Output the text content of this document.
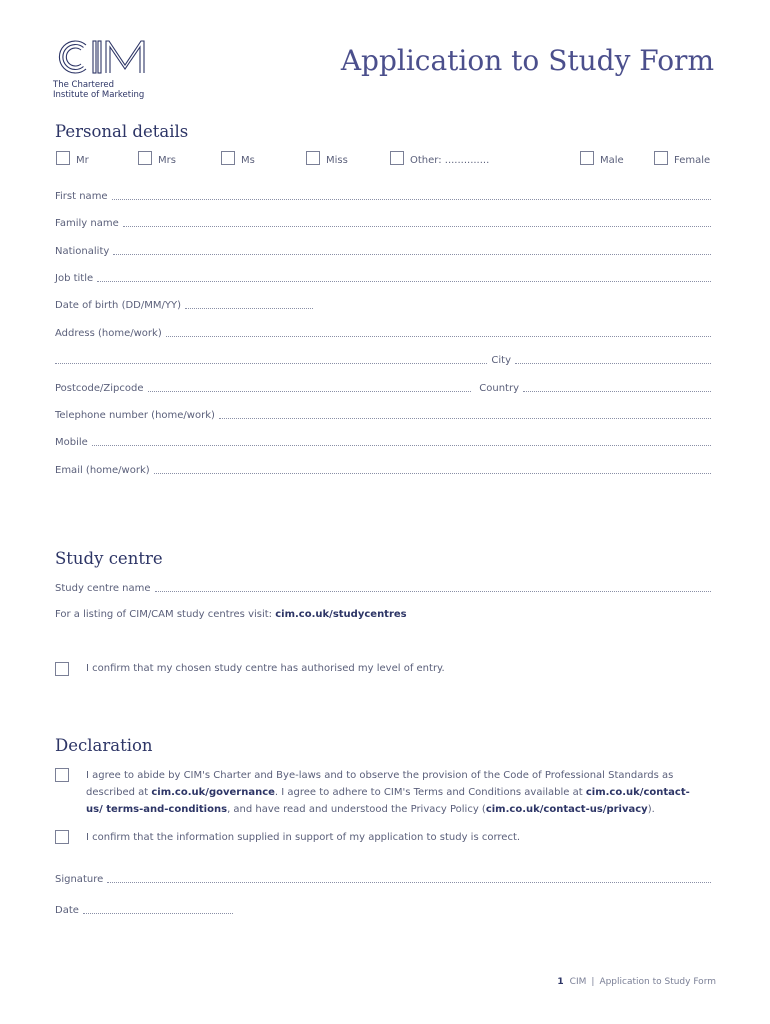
The Chartered
Institute of Marketing
Application to Study Form
Personal details
Mr	Mrs	Ms	Miss	Other: ..............	Male	Female
First name
Family name
Nationality
Job title
Date of birth (DD/MM/YY)
Address (home/work)
City
Postcode/Zipcode	Country
Telephone number (home/work)
Mobile
Email (home/work)
Study centre
Study centre name
For a listing of CIM/CAM study centres visit: cim.co.uk/studycentres
I confirm that my chosen study centre has authorised my level of entry.
Declaration
I agree to abide by CIM's Charter and Bye-laws and to observe the provision of the Code of Professional Standards as described at cim.co.uk/governance. I agree to adhere to CIM's Terms and Conditions available at cim.co.uk/contact-us/ terms-and-conditions, and have read and understood the Privacy Policy (cim.co.uk/contact-us/privacy).
I confirm that the information supplied in support of my application to study is correct.
Signature
Date
1 CIM | Application to Study Form
